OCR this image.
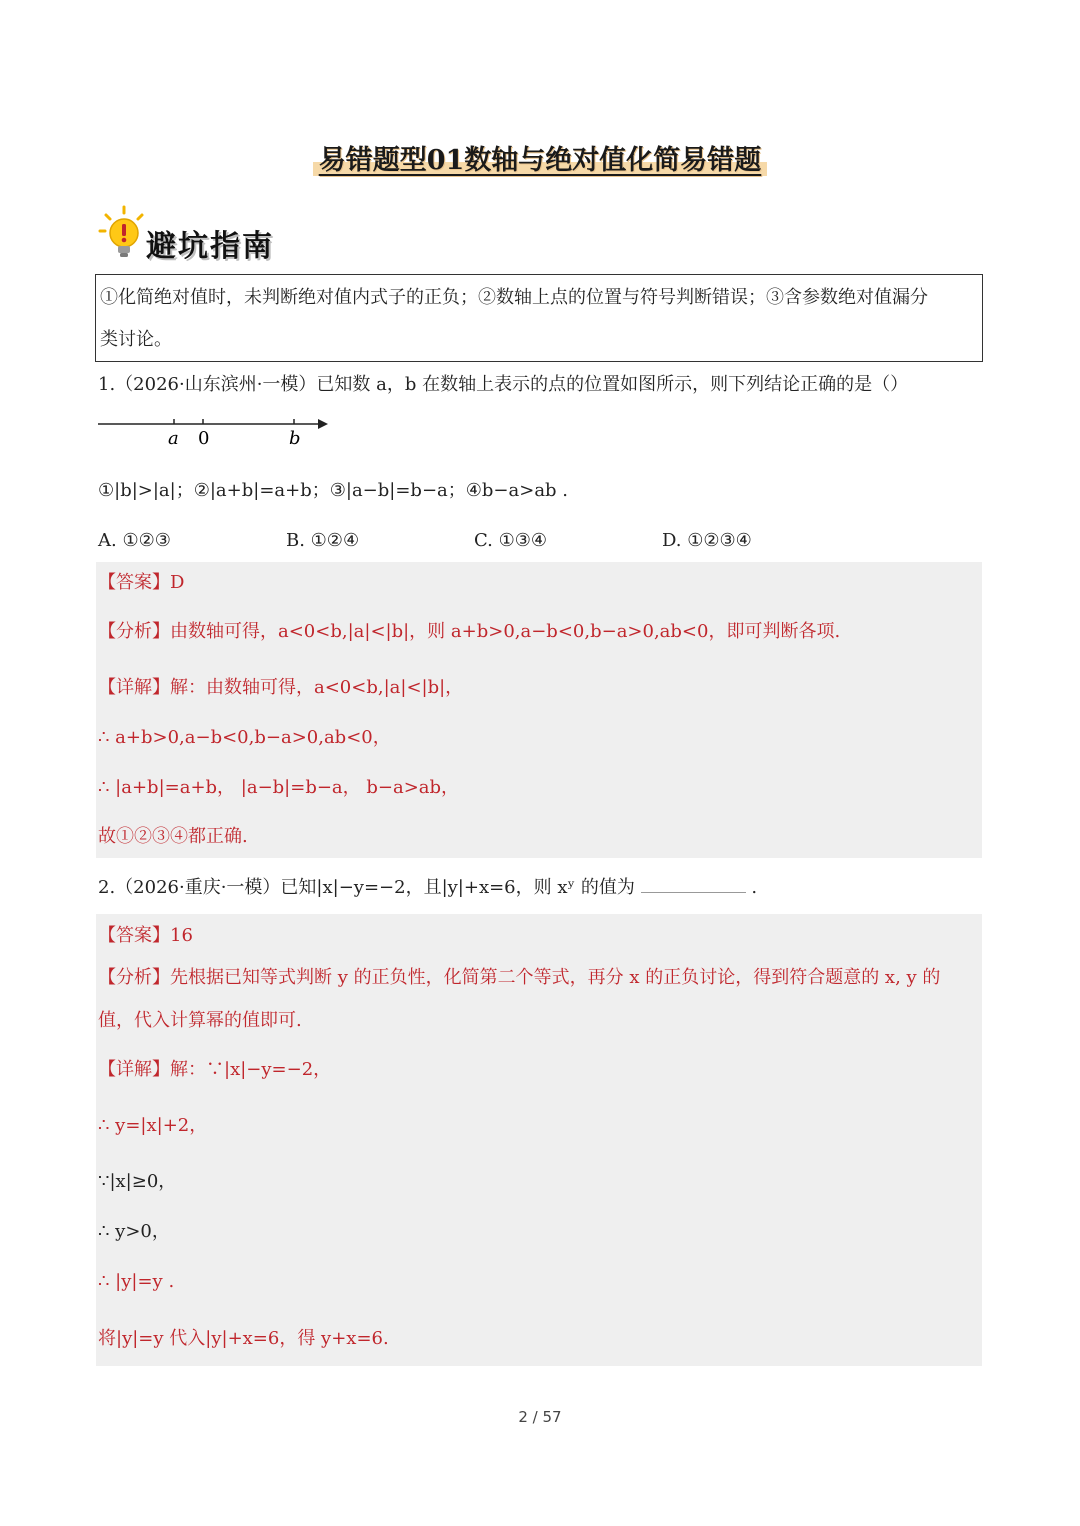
易错题型01数轴与绝对值化简易错题
避坑指南

①化简绝对值时，未判断绝对值内式子的正负；②数轴上点的位置与符号判断错误；③含参数绝对值漏分

类讨论。

1.（2026·山东滨州·一模）已知数 a，b 在数轴上表示的点的位置如图所示，则下列结论正确的是（）
a 0	b
①|b|>|a|；②|a+b|=a+b；③|a−b|=b−a；④b−a>ab .
A. ①②③	B. ①②④	C. ①③④	D. ①②③④
【答案】D
【分析】由数轴可得，a<0<b,|a|<|b|，则 a+b>0,a−b<0,b−a>0,ab<0，即可判断各项.
【详解】解：由数轴可得，a<0<b,|a|<|b|，
∴ a+b>0,a−b<0,b−a>0,ab<0，
∴ |a+b|=a+b， |a−b|=b−a， b−a>ab，
故①②③④都正确.
2.（2026·重庆·一模）已知|x|−y=−2，且|y|+x=6，则 xʸ 的值为	.
【答案】16
【分析】先根据已知等式判断 y 的正负性，化简第二个等式，再分 x 的正负讨论，得到符合题意的 x, y 的
值，代入计算幂的值即可.
【详解】解：∵|x|−y=−2，
∴ y=|x|+2，
∵|x|≥0，
∴ y>0，
∴ |y|=y .
将|y|=y 代入|y|+x=6，得 y+x=6.
2 / 57
